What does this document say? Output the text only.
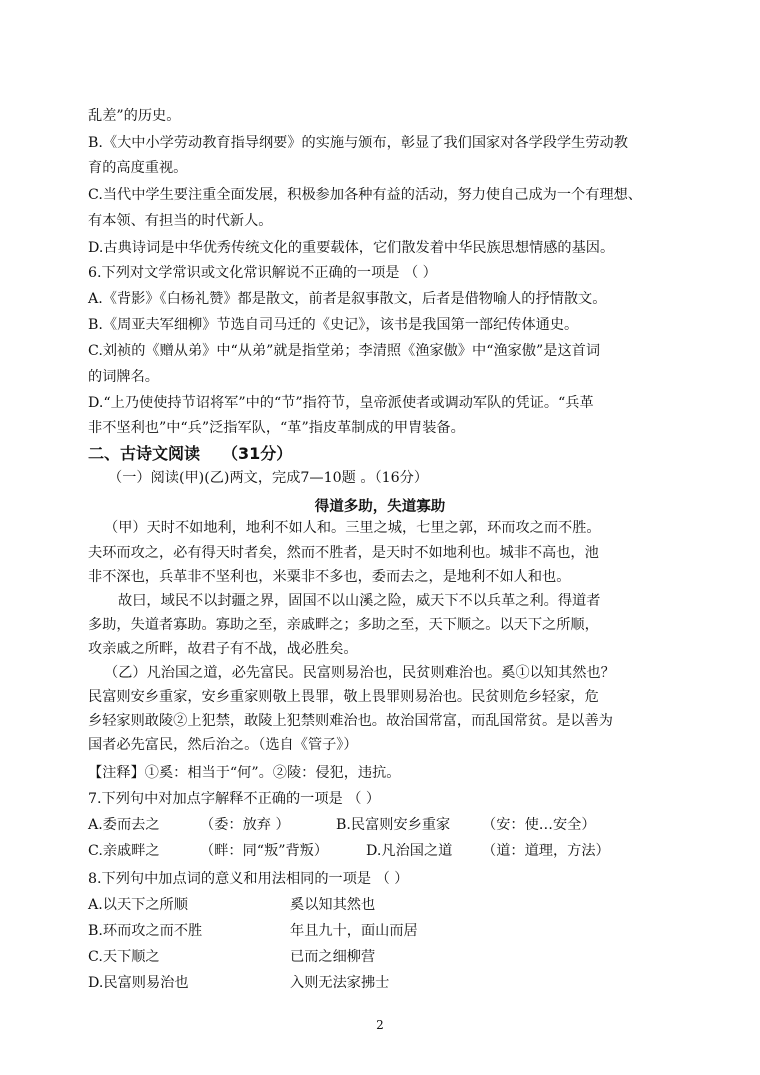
乱差”的历史。
B.《大中小学劳动教育指导纲要》的实施与颁布，彰显了我们国家对各学段学生劳动教
育的高度重视。
C.当代中学生要注重全面发展，积极参加各种有益的活动，努力使自己成为一个有理想、
有本领、有担当的时代新人。
D.古典诗词是中华优秀传统文化的重要载体，它们散发着中华民族思想情感的基因。
6.下列对文学常识或文化常识解说不正确的一项是 （ ）
A.《背影》《白杨礼赞》都是散文，前者是叙事散文，后者是借物喻人的抒情散文。
B.《周亚夫军细柳》节选自司马迁的《史记》，该书是我国第一部纪传体通史。
C.刘祯的《赠从弟》中“从弟”就是指堂弟；李清照《渔家傲》中“渔家傲”是这首词
的词牌名。
D.“上乃使使持节诏将军”中的“节”指符节，皇帝派使者或调动军队的凭证。“兵革
非不坚利也”中“兵”泛指军队，“革”指皮革制成的甲胄装备。
二、古诗文阅读 （31分）
（一）阅读(甲)(乙)两文，完成7—10题 。（16分）
得道多助，失道寡助
（甲）天时不如地利，地利不如人和。三里之城，七里之郭，环而攻之而不胜。
夫环而攻之，必有得天时者矣，然而不胜者，是天时不如地利也。城非不高也，池
非不深也，兵革非不坚利也，米粟非不多也，委而去之，是地利不如人和也。
故曰，域民不以封疆之界，固国不以山溪之险，威天下不以兵革之利。得道者
多助，失道者寡助。寡助之至，亲戚畔之；多助之至，天下顺之。以天下之所顺，
攻亲戚之所畔，故君子有不战，战必胜矣。
（乙）凡治国之道，必先富民。民富则易治也，民贫则难治也。奚①以知其然也？
民富则安乡重家，安乡重家则敬上畏罪，敬上畏罪则易治也。民贫则危乡轻家，危
乡轻家则敢陵②上犯禁，敢陵上犯禁则难治也。故治国常富，而乱国常贫。是以善为
国者必先富民，然后治之。（选自《管子》）
【注释】①奚：相当于“何”。②陵：侵犯，违抗。
7.下列句中对加点字解释不正确的一项是 （ ）
A.委而去之	（委：放弃 ）	B.民富则安乡重家 （安：使…安全）
C.亲戚畔之	（畔：同“叛”背叛）	D.凡治国之道 （道：道理，方法）
8.下列句中加点词的意义和用法相同的一项是 （ ）
A.以天下之所顺	奚以知其然也
B.环而攻之而不胜	年且九十，面山而居
C.天下顺之	已而之细柳营
D.民富则易治也	入则无法家拂士
2
